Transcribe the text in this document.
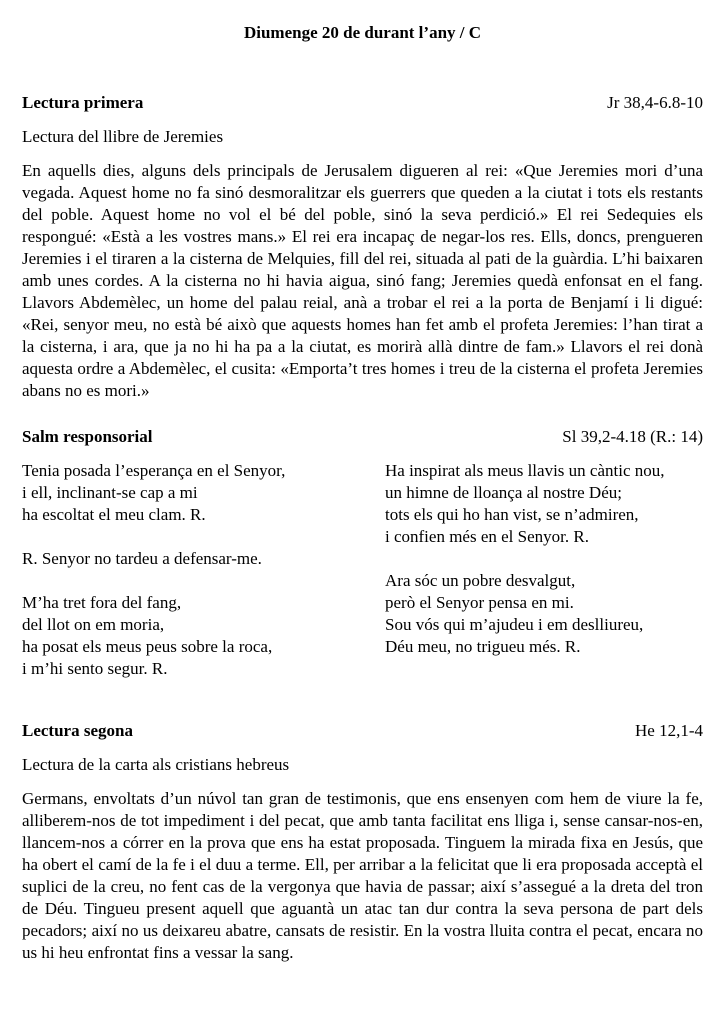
Diumenge 20 de durant l’any / C
Lectura primera	Jr 38,4-6.8-10
Lectura del llibre de Jeremies
En aquells dies, alguns dels principals de Jerusalem digueren al rei: «Que Jeremies mori d’una vegada. Aquest home no fa sinó desmoralitzar els guerrers que queden a la ciutat i tots els restants del poble. Aquest home no vol el bé del poble, sinó la seva perdició.» El rei Sedequies els respongué: «Està a les vostres mans.» El rei era incapaç de negar-los res. Ells, doncs, prengueren Jeremies i el tiraren a la cisterna de Melquies, fill del rei, situada al pati de la guàrdia. L’hi baixaren amb unes cordes. A la cisterna no hi havia aigua, sinó fang; Jeremies quedà enfonsat en el fang. Llavors Abdemèlec, un home del palau reial, anà a trobar el rei a la porta de Benjamí i li digué: «Rei, senyor meu, no està bé això que aquests homes han fet amb el profeta Jeremies: l’han tirat a la cisterna, i ara, que ja no hi ha pa a la ciutat, es morirà allà dintre de fam.» Llavors el rei donà aquesta ordre a Abdemèlec, el cusita: «Emporta’t tres homes i treu de la cisterna el profeta Jeremies abans no es mori.»
Salm responsorial	Sl 39,2-4.18 (R.: 14)
Tenia posada l’esperança en el Senyor,
i ell, inclinant-se cap a mi
ha escoltat el meu clam. R.
R. Senyor no tardeu a defensar-me.
M’ha tret fora del fang,
del llot on em moria,
ha posat els meus peus sobre la roca,
i m’hi sento segur. R.
Ha inspirat als meus llavis un càntic nou,
un himne de lloança al nostre Déu;
tots els qui ho han vist, se n’admiren,
i confien més en el Senyor. R.
Ara sóc un pobre desvalgut,
però el Senyor pensa en mi.
Sou vós qui m’ajudeu i em deslliureu,
Déu meu, no trigueu més. R.
Lectura segona	He 12,1-4
Lectura de la carta als cristians hebreus
Germans, envoltats d’un núvol tan gran de testimonis, que ens ensenyen com hem de viure la fe, alliberem-nos de tot impediment i del pecat, que amb tanta facilitat ens lliga i, sense cansar-nos-en, llancem-nos a córrer en la prova que ens ha estat proposada. Tinguem la mirada fixa en Jesús, que ha obert el camí de la fe i el duu a terme. Ell, per arribar a la felicitat que li era proposada acceptà el suplici de la creu, no fent cas de la vergonya que havia de passar; així s’assegué a la dreta del tron de Déu. Tingueu present aquell que aguantà un atac tan dur contra la seva persona de part dels pecadors; així no us deixareu abatre, cansats de resistir. En la vostra lluita contra el pecat, encara no us hi heu enfrontat fins a vessar la sang.
